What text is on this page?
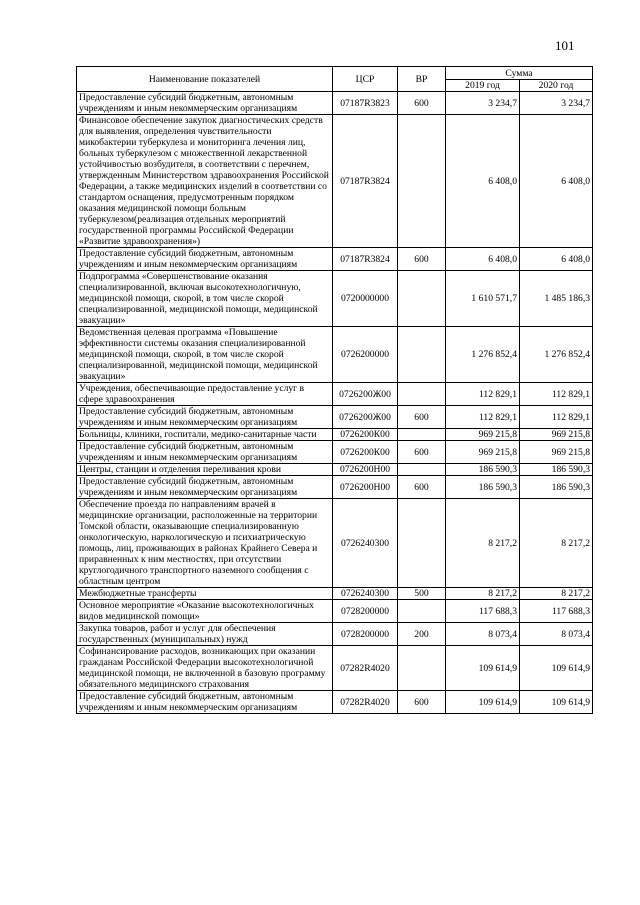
101
Наименование показателей	ЦСР	ВР	Сумма	
			2019 год	2020 год
Предоставление субсидий бюджетным, автономным учреждениям и иным некоммерческим организациям	07187R3823	600	3 234,7	3 234,7
Финансовое обеспечение закупок диагностических средств для выявления, определения чувствительности микобактерии туберкулеза и мониторинга лечения лиц, больных туберкулезом с множественной лекарственной устойчивостью возбудителя, в соответствии с перечнем, утвержденным Министерством здравоохранения Российской Федерации, а также медицинских изделий в соответствии со стандартом оснащения, предусмотренным порядком оказания медицинской помощи больным туберкулезом(реализация отдельных мероприятий государственной программы Российской Федерации «Развитие здравоохранения»)	07187R3824		6 408,0	6 408,0
Предоставление субсидий бюджетным, автономным учреждениям и иным некоммерческим организациям	07187R3824	600	6 408,0	6 408,0
Подпрограмма «Совершенствование оказания специализированной, включая высокотехнологичную, медицинской помощи, скорой, в том числе скорой специализированной, медицинской помощи, медицинской эвакуации»	0720000000		1 610 571,7	1 485 186,3
Ведомственная целевая программа «Повышение эффективности системы оказания специализированной медицинской помощи, скорой, в том числе скорой специализированной, медицинской помощи, медицинской эвакуации»	0726200000		1 276 852,4	1 276 852,4
Учреждения, обеспечивающие предоставление услуг в сфере здравоохранения	0726200Ж00		112 829,1	112 829,1
Предоставление субсидий бюджетным, автономным учреждениям и иным некоммерческим организациям	0726200Ж00	600	112 829,1	112 829,1
Больницы, клиники, госпитали, медико-санитарные части	0726200К00		969 215,8	969 215,8
Предоставление субсидий бюджетным, автономным учреждениям и иным некоммерческим организациям	0726200К00	600	969 215,8	969 215,8
Центры, станции и отделения переливания крови	0726200Н00		186 590,3	186 590,3
Предоставление субсидий бюджетным, автономным учреждениям и иным некоммерческим организациям	0726200Н00	600	186 590,3	186 590,3
Обеспечение проезда по направлениям врачей в медицинские организации, расположенные на территории Томской области, оказывающие специализированную онкологическую, наркологическую и психиатрическую помощь, лиц, проживающих в районах Крайнего Севера и приравненных к ним местностях, при отсутствии круглогодичного транспортного наземного сообщения с областным центром	0726240300		8 217,2	8 217,2
Межбюджетные трансферты	0726240300	500	8 217,2	8 217,2
Основное мероприятие «Оказание высокотехнологичных видов медицинской помощи»	0728200000		117 688,3	117 688,3
Закупка товаров, работ и услуг для обеспечения государственных (муниципальных) нужд	0728200000	200	8 073,4	8 073,4
Софинансирование расходов, возникающих при оказании гражданам Российской Федерации высокотехнологичной медицинской помощи, не включенной в базовую программу обязательного медицинского страхования	07282R4020		109 614,9	109 614,9
Предоставление субсидий бюджетным, автономным учреждениям и иным некоммерческим организациям	07282R4020	600	109 614,9	109 614,9
